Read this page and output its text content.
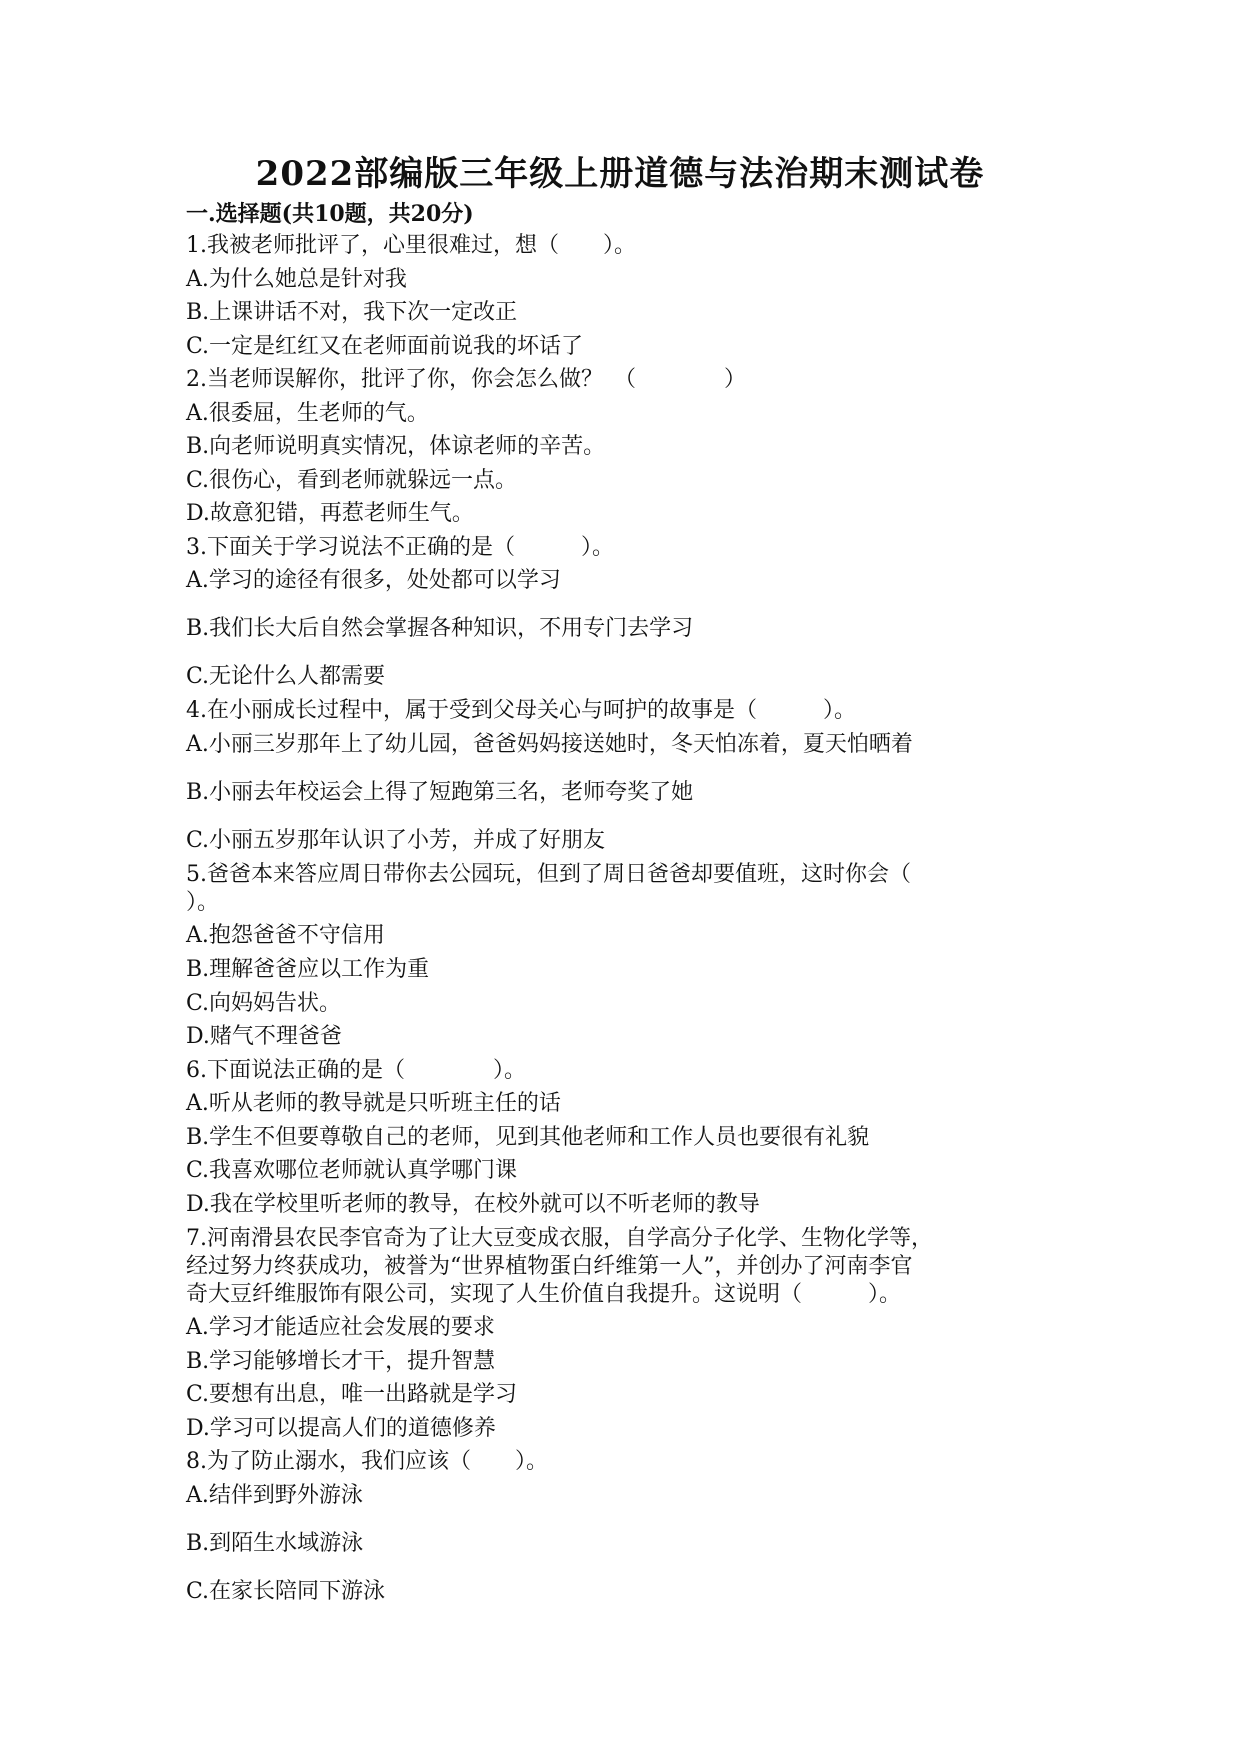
2022部编版三年级上册道德与法治期末测试卷
一.选择题(共10题，共20分)
1.我被老师批评了，心里很难过，想（　　）。
A.为什么她总是针对我
B.上课讲话不对，我下次一定改正
C.一定是红红又在老师面前说我的坏话了
2.当老师误解你，批评了你，你会怎么做？　（　　　　）
A.很委屈，生老师的气。
B.向老师说明真实情况，体谅老师的辛苦。
C.很伤心，看到老师就躲远一点。
D.故意犯错，再惹老师生气。
3.下面关于学习说法不正确的是（　　　）。
A.学习的途径有很多，处处都可以学习
B.我们长大后自然会掌握各种知识，不用专门去学习
C.无论什么人都需要
4.在小丽成长过程中，属于受到父母关心与呵护的故事是（　　　）。
A.小丽三岁那年上了幼儿园，爸爸妈妈接送她时，冬天怕冻着，夏天怕晒着
B.小丽去年校运会上得了短跑第三名，老师夸奖了她
C.小丽五岁那年认识了小芳，并成了好朋友
5.爸爸本来答应周日带你去公园玩，但到了周日爸爸却要值班，这时你会（
）。
A.抱怨爸爸不守信用
B.理解爸爸应以工作为重
C.向妈妈告状。
D.赌气不理爸爸
6.下面说法正确的是（　　　　）。
A.听从老师的教导就是只听班主任的话
B.学生不但要尊敬自己的老师，见到其他老师和工作人员也要很有礼貌
C.我喜欢哪位老师就认真学哪门课
D.我在学校里听老师的教导，在校外就可以不听老师的教导
7.河南滑县农民李官奇为了让大豆变成衣服，自学高分子化学、生物化学等，
经过努力终获成功，被誉为“世界植物蛋白纤维第一人”，并创办了河南李官
奇大豆纤维服饰有限公司，实现了人生价值自我提升。这说明（　　　）。
A.学习才能适应社会发展的要求
B.学习能够增长才干，提升智慧
C.要想有出息，唯一出路就是学习
D.学习可以提高人们的道德修养
8.为了防止溺水，我们应该（　　）。
A.结伴到野外游泳
B.到陌生水域游泳
C.在家长陪同下游泳
